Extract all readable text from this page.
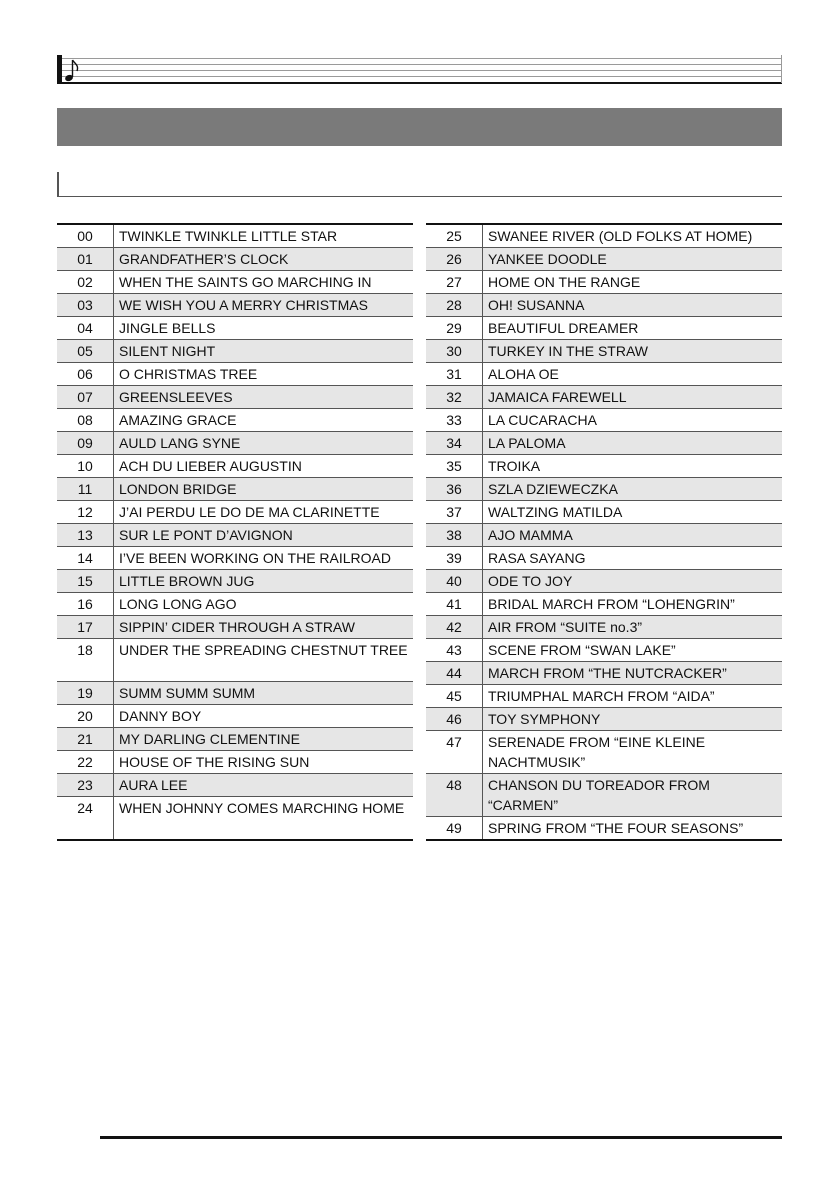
00	TWINKLE TWINKLE LITTLE STAR
01	GRANDFATHER’S CLOCK
02	WHEN THE SAINTS GO MARCHING IN
03	WE WISH YOU A MERRY CHRISTMAS
04	JINGLE BELLS
05	SILENT NIGHT
06	O CHRISTMAS TREE
07	GREENSLEEVES
08	AMAZING GRACE
09	AULD LANG SYNE
10	ACH DU LIEBER AUGUSTIN
11	LONDON BRIDGE
12	J’AI PERDU LE DO DE MA CLARINETTE
13	SUR LE PONT D’AVIGNON
14	I’VE BEEN WORKING ON THE RAILROAD
15	LITTLE BROWN JUG
16	LONG LONG AGO
17	SIPPIN’ CIDER THROUGH A STRAW
18	UNDER THE SPREADING CHESTNUT TREE
19	SUMM SUMM SUMM
20	DANNY BOY
21	MY DARLING CLEMENTINE
22	HOUSE OF THE RISING SUN
23	AURA LEE
24	WHEN JOHNNY COMES MARCHING HOME
25	SWANEE RIVER (OLD FOLKS AT HOME)
26	YANKEE DOODLE
27	HOME ON THE RANGE
28	OH! SUSANNA
29	BEAUTIFUL DREAMER
30	TURKEY IN THE STRAW
31	ALOHA OE
32	JAMAICA FAREWELL
33	LA CUCARACHA
34	LA PALOMA
35	TROIKA
36	SZLA DZIEWECZKA
37	WALTZING MATILDA
38	AJO MAMMA
39	RASA SAYANG
40	ODE TO JOY
41	BRIDAL MARCH FROM “LOHENGRIN”
42	AIR FROM “SUITE no.3”
43	SCENE FROM “SWAN LAKE”
44	MARCH FROM “THE NUTCRACKER”
45	TRIUMPHAL MARCH FROM “AIDA”
46	TOY SYMPHONY
47	SERENADE FROM “EINE KLEINE NACHTMUSIK”
48	CHANSON DU TOREADOR FROM “CARMEN”
49	SPRING FROM “THE FOUR SEASONS”
